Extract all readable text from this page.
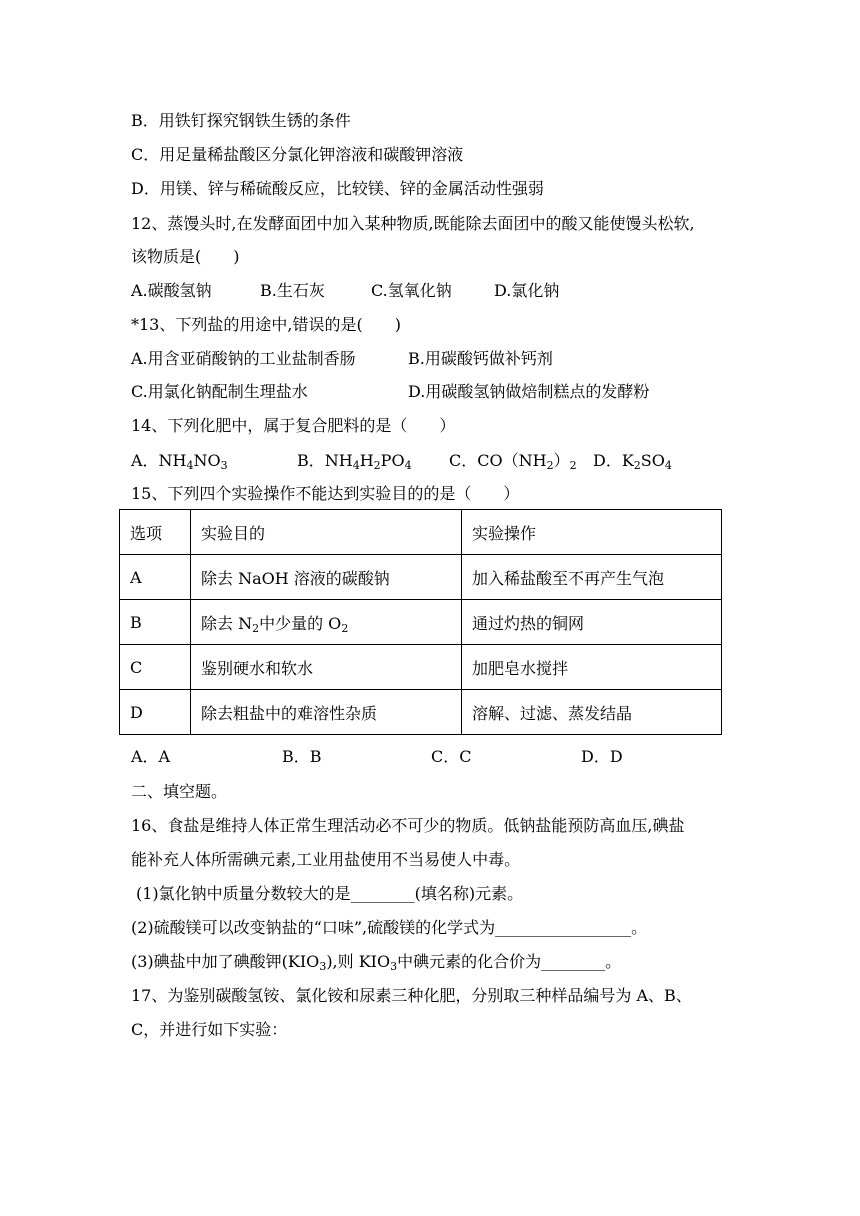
B．用铁钉探究钢铁生锈的条件
C．用足量稀盐酸区分氯化钾溶液和碳酸钾溶液
D．用镁、锌与稀硫酸反应，比较镁、锌的金属活动性强弱
12、蒸馒头时,在发酵面团中加入某种物质,既能除去面团中的酸又能使馒头松软,
该物质是(　　)
A.碳酸氢钠	B.生石灰	C.氢氧化钠	D.氯化钠
*13、下列盐的用途中,错误的是(　　)
A.用含亚硝酸钠的工业盐制香肠	B.用碳酸钙做补钙剂
C.用氯化钠配制生理盐水	D.用碳酸氢钠做焙制糕点的发酵粉
14、下列化肥中，属于复合肥料的是（　　）
A．$NH_4NO_3$	B．$NH_4H_2PO_4$ C．$CO(NH_2)_2$ D．$K_2SO_4$
15、下列四个实验操作不能达到实验目的的是（　　）
选项	实验目的	实验操作
A	除去 NaOH 溶液的碳酸钠	加入稀盐酸至不再产生气泡
B	除去 $N_2$中少量的 $O_2$	通过灼热的铜网
C	鉴别硬水和软水	加肥皂水搅拌
D	除去粗盐中的难溶性杂质	溶解、过滤、蒸发结晶
A．A	B．B	C．C	D．D
二、填空题。
16、食盐是维持人体正常生理活动必不可少的物质。低钠盐能预防高血压,碘盐
能补充人体所需碘元素,工业用盐使用不当易使人中毒。
(1)氯化钠中质量分数较大的是________(填名称)元素。
(2)硫酸镁可以改变钠盐的“口味”,硫酸镁的化学式为_________________。
(3)碘盐中加了碘酸钾$(KIO_3)$,则 $KIO_3$中碘元素的化合价为________。
17、为鉴别碳酸氢铵、氯化铵和尿素三种化肥，分别取三种样品编号为 A、B、
C，并进行如下实验：
